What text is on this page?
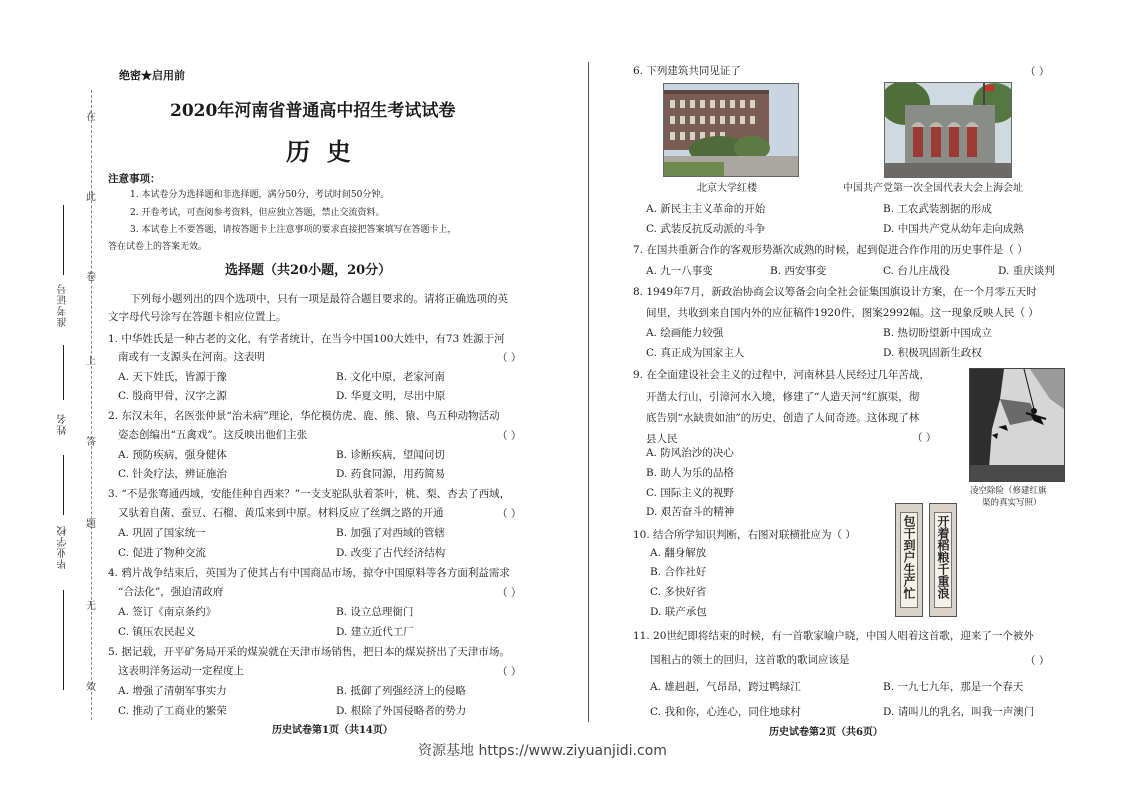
在
此
卷
上
答
题
无
效
准考证号
姓名
毕业学校
绝密★启用前
2020年河南省普通高中招生考试试卷
历  史
注意事项：
1. 本试卷分为选择题和非选择题，满分50分，考试时间50分钟。
2. 开卷考试，可查阅参考资料，但应独立答题，禁止交流资料。
3. 本试卷上不要答题，请按答题卡上注意事项的要求直接把答案填写在答题卡上，
答在试卷上的答案无效。
选择题（共20小题，20分）
下列每小题列出的四个选项中，只有一项是最符合题目要求的。请将正确选项的英
文字母代号涂写在答题卡相应位置上。
1. 中华姓氏是一种古老的文化，有学者统计，在当今中国100大姓中，有73 姓源于河
南或有一支源头在河南。这表明	（ ）
A. 天下姓氏，皆源于豫	B. 文化中原，老家河南
C. 殷商甲骨，汉字之源	D. 华夏文明，尽出中原
2. 东汉末年，名医张仲景“治未病”理论，华佗模仿虎、鹿、熊、猿、鸟五种动物活动
姿态创编出“五禽戏”。这反映出他们主张	（ ）
A. 预防疾病，强身健体	B. 诊断疾病，望闻问切
C. 针灸疗法，辨证施治	D. 药食同源，用药简易
3. “不是张骞通西域，安能佳种自西来？”一支支驼队驮着茶叶，桃、梨、杏去了西域，
又驮着自菌、蚕豆、石榴、黄瓜来到中原。材料反应了丝绸之路的开通	（ ）
A. 巩固了国家统一	B. 加强了对西域的管辖
C. 促进了物种交流	D. 改变了古代经济结构
4. 鸦片战争结束后，英国为了使其占有中国商品市场，掠夺中国原料等各方面利益需求
“合法化”，强迫清政府	（ ）
A. 签订《南京条约》	B. 设立总理衙门
C. 镇压农民起义	D. 建立近代工厂
5. 据记载，开平矿务局开采的煤炭就在天津市场销售，把日本的煤炭挤出了天津市场。
这表明洋务运动一定程度上	（ ）
A. 增强了清朝军事实力	B. 抵御了列强经济上的侵略
C. 推动了工商业的繁荣	D. 根除了外国侵略者的势力
历史试卷第1页（共14页）
6. 下列建筑共同见证了	（ ）
北京大学红楼	中国共产党第一次全国代表大会上海会址
A. 新民主主义革命的开始	B. 工农武装割据的形成
C. 武装反抗反动派的斗争	D. 中国共产党从幼年走向成熟
7. 在国共重新合作的客观形势渐次成熟的时候，起到促进合作作用的历史事件是（ ）
A. 九一八事变	B. 西安事变	C. 台儿庄战役	D. 重庆谈判
8. 1949年7月，新政治协商会议筹备会向全社会征集国旗设计方案，在一个月零五天时
间里，共收到来自国内外的应征稿件1920件，图案2992幅。这一现象反映人民（ ）
A. 绘画能力较强	B. 热切盼望新中国成立
C. 真正成为国家主人	D. 积极巩固新生政权
9. 在全面建设社会主义的过程中，河南林县人民经过几年苦战，
开凿太行山，引漳河水入境，修建了“人造天河”红旗渠，彻
底告别“水缺贵如油”的历史，创造了人间奇迹。这体现了林
县人民	（ ）
A. 防风治沙的决心
B. 助人为乐的品格
C. 国际主义的视野
D. 艰苦奋斗的精神
凌空除险（修建红旗
渠的真实写照）
10. 结合所学知识判断，右图对联横批应为（ ）
A. 翻身解放
B. 合作社好
C. 多快好省
D. 联产承包
包干到户生产忙 开着稻粮千重浪
11. 20世纪即将结束的时候，有一首歌家喻户晓，中国人唱着这首歌，迎来了一个被外
国租占的领土的回归，这首歌的歌词应该是	（ ）
A. 雄赳赳，气昂昂，跨过鸭绿江	B. 一九七九年，那是一个春天
C. 我和你，心连心，同住地球村	D. 请叫儿的乳名，叫我一声澳门
历史试卷第2页（共6页）
资源基地 https://www.ziyuanjidi.com
